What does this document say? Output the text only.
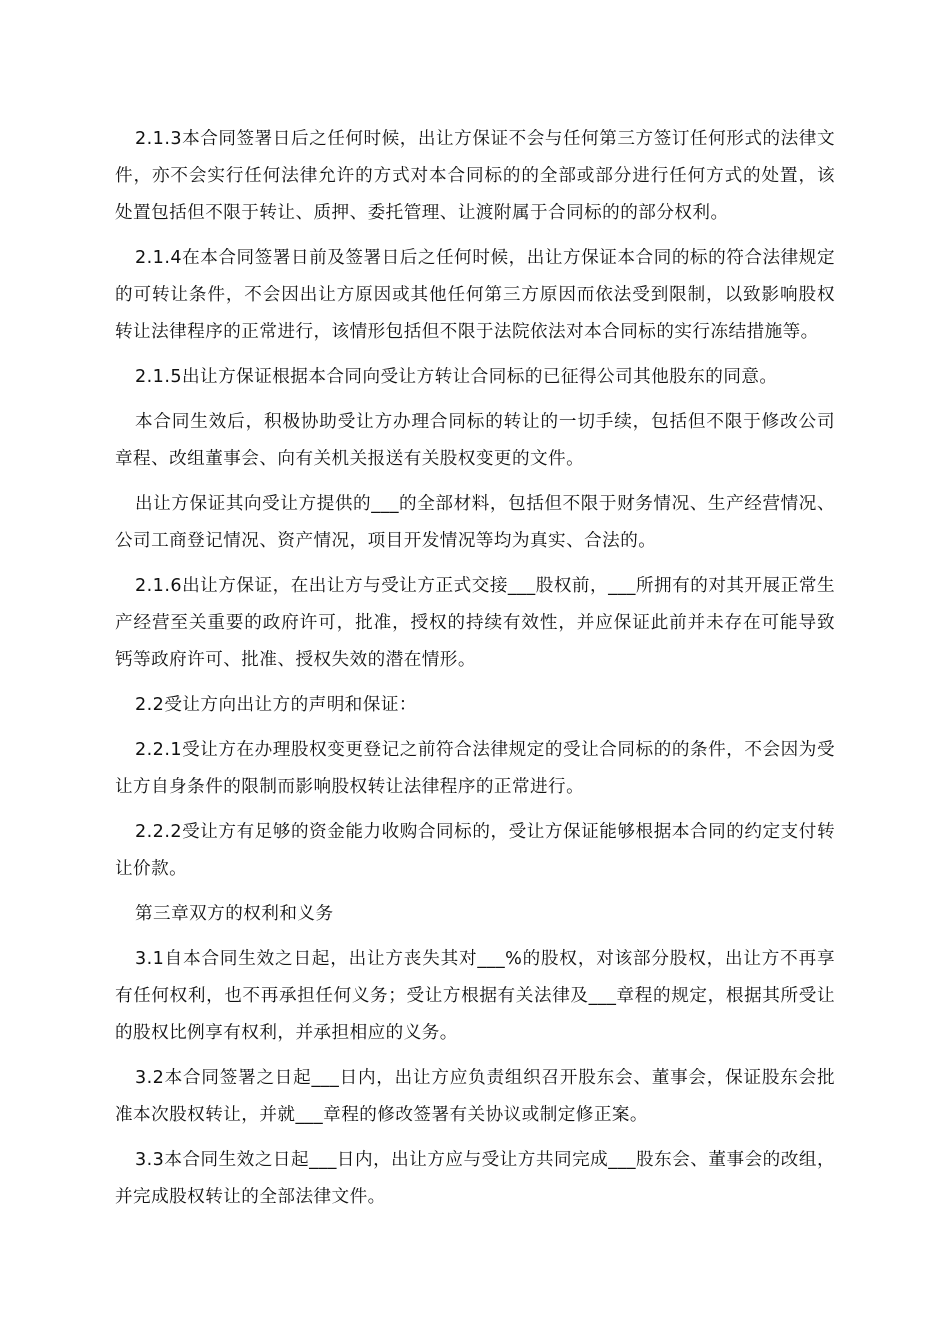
2.1.3本合同签署日后之任何时候，出让方保证不会与任何第三方签订任何形式的法律文件，亦不会实行任何法律允许的方式对本合同标的的全部或部分进行任何方式的处置，该处置包括但不限于转让、质押、委托管理、让渡附属于合同标的的部分权利。

2.1.4在本合同签署日前及签署日后之任何时候，出让方保证本合同的标的符合法律规定的可转让条件，不会因出让方原因或其他任何第三方原因而依法受到限制，以致影响股权转让法律程序的正常进行，该情形包括但不限于法院依法对本合同标的实行冻结措施等。

2.1.5出让方保证根据本合同向受让方转让合同标的已征得公司其他股东的同意。

本合同生效后，积极协助受让方办理合同标的转让的一切手续，包括但不限于修改公司章程、改组董事会、向有关机关报送有关股权变更的文件。

出让方保证其向受让方提供的___的全部材料，包括但不限于财务情况、生产经营情况、公司工商登记情况、资产情况，项目开发情况等均为真实、合法的。

2.1.6出让方保证，在出让方与受让方正式交接___股权前，___所拥有的对其开展正常生产经营至关重要的政府许可，批准，授权的持续有效性，并应保证此前并未存在可能导致钙等政府许可、批准、授权失效的潜在情形。

2.2受让方向出让方的声明和保证：

2.2.1受让方在办理股权变更登记之前符合法律规定的受让合同标的的条件，不会因为受让方自身条件的限制而影响股权转让法律程序的正常进行。

2.2.2受让方有足够的资金能力收购合同标的，受让方保证能够根据本合同的约定支付转让价款。

第三章双方的权利和义务

3.1自本合同生效之日起，出让方丧失其对___%的股权，对该部分股权，出让方不再享有任何权利，也不再承担任何义务；受让方根据有关法律及___章程的规定，根据其所受让的股权比例享有权利，并承担相应的义务。

3.2本合同签署之日起___日内，出让方应负责组织召开股东会、董事会，保证股东会批准本次股权转让，并就___章程的修改签署有关协议或制定修正案。

3.3本合同生效之日起___日内，出让方应与受让方共同完成___股东会、董事会的改组，并完成股权转让的全部法律文件。
